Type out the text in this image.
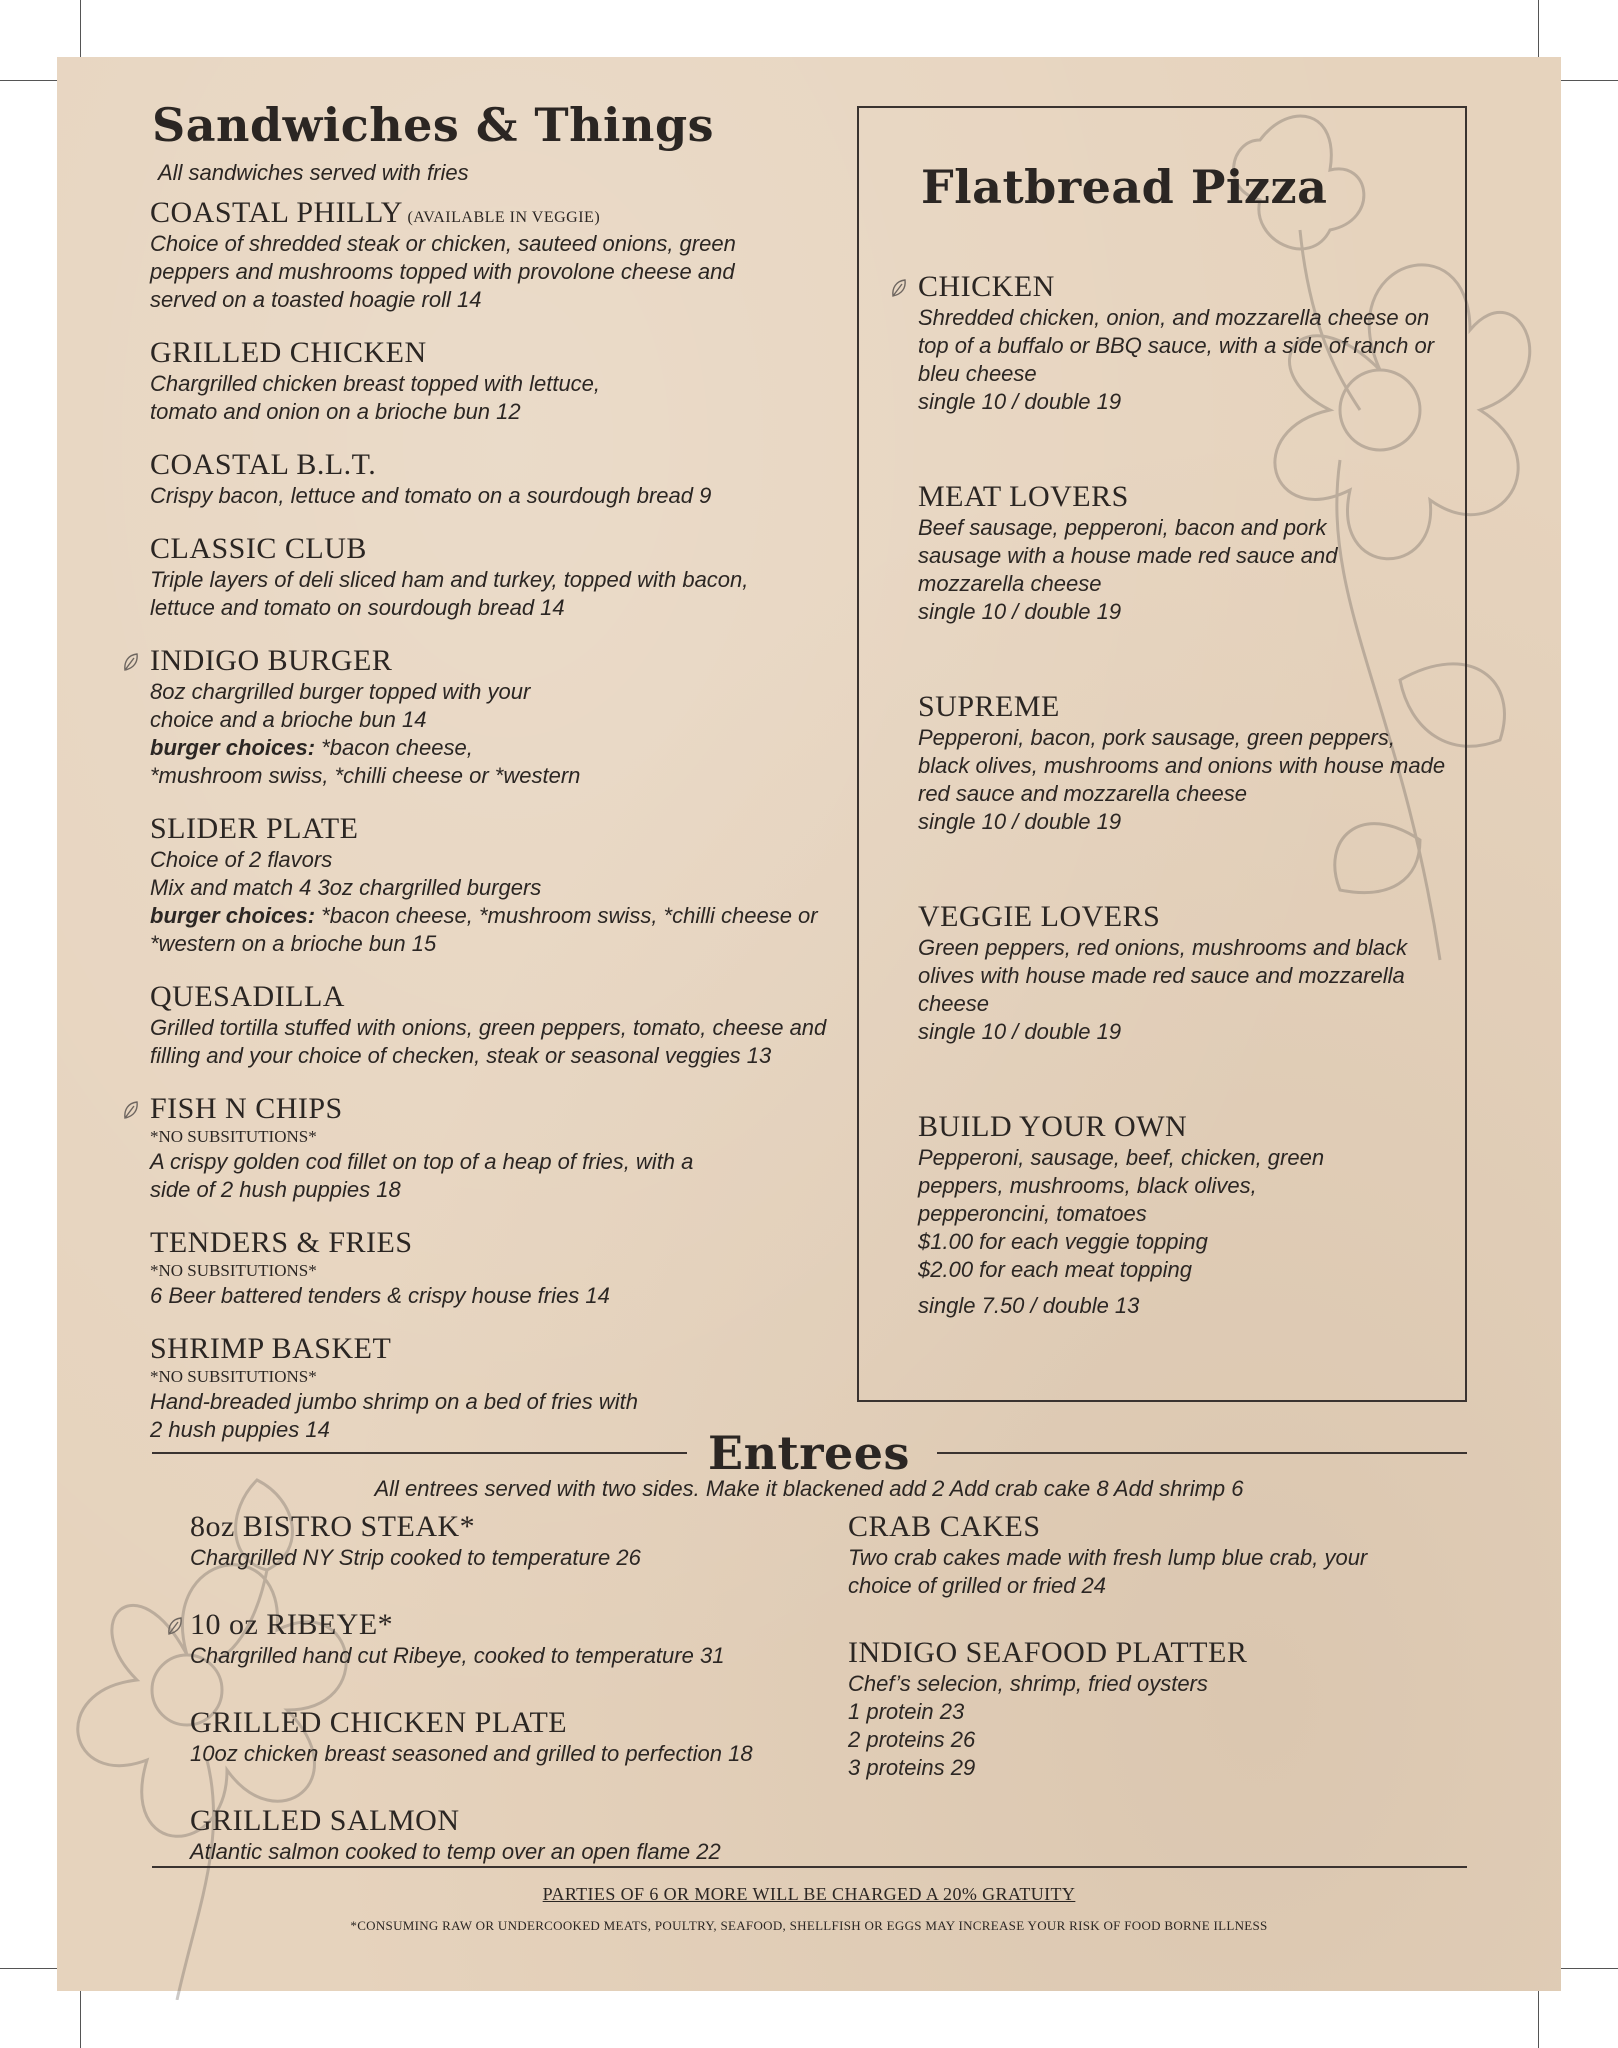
Sandwiches & Things
All sandwiches served with fries
COASTAL PHILLY (AVAILABLE IN VEGGIE)
Choice of shredded steak or chicken, sauteed onions, green peppers and mushrooms topped with provolone cheese and served on a toasted hoagie roll 14
GRILLED CHICKEN
Chargrilled chicken breast topped with lettuce, tomato and onion on a brioche bun 12
COASTAL B.L.T.
Crispy bacon, lettuce and tomato on a sourdough bread 9
CLASSIC CLUB
Triple layers of deli sliced ham and turkey, topped with bacon, lettuce and tomato on sourdough bread 14
INDIGO BURGER
8oz chargrilled burger topped with your choice and a brioche bun 14
burger choices: *bacon cheese, *mushroom swiss, *chilli cheese or *western
SLIDER PLATE
Choice of 2 flavors
Mix and match 4 3oz chargrilled burgers
burger choices: *bacon cheese, *mushroom swiss, *chilli cheese or *western on a brioche bun 15
QUESADILLA
Grilled tortilla stuffed with onions, green peppers, tomato, cheese and filling and your choice of checken, steak or seasonal veggies 13
FISH N CHIPS
*NO SUBSITUTIONS*
A crispy golden cod fillet on top of a heap of fries, with a side of 2 hush puppies 18
TENDERS & FRIES
*NO SUBSITUTIONS*
6 Beer battered tenders & crispy house fries 14
SHRIMP BASKET
*NO SUBSITUTIONS*
Hand-breaded jumbo shrimp on a bed of fries with 2 hush puppies 14
Flatbread Pizza
CHICKEN
Shredded chicken, onion, and mozzarella cheese on top of a buffalo or BBQ sauce, with a side of ranch or bleu cheese
single 10 / double 19
MEAT LOVERS
Beef sausage, pepperoni, bacon and pork sausage with a house made red sauce and mozzarella cheese
single 10 / double 19
SUPREME
Pepperoni, bacon, pork sausage, green peppers, black olives, mushrooms and onions with house made red sauce and mozzarella cheese
single 10 / double 19
VEGGIE LOVERS
Green peppers, red onions, mushrooms and black olives with house made red sauce and mozzarella cheese
single 10 / double 19
BUILD YOUR OWN
Pepperoni, sausage, beef, chicken, green peppers, mushrooms, black olives, pepperoncini, tomatoes
$1.00 for each veggie topping
$2.00 for each meat topping
single 7.50 / double 13
Entrees
All entrees served with two sides. Make it blackened add 2 Add crab cake 8 Add shrimp 6
8oz BISTRO STEAK*
Chargrilled NY Strip cooked to temperature 26
10 oz RIBEYE*
Chargrilled hand cut Ribeye, cooked to temperature 31
GRILLED CHICKEN PLATE
10oz chicken breast seasoned and grilled to perfection 18
GRILLED SALMON
Atlantic salmon cooked to temp over an open flame 22
CRAB CAKES
Two crab cakes made with fresh lump blue crab, your choice of grilled or fried 24
INDIGO SEAFOOD PLATTER
Chef’s selecion, shrimp, fried oysters
1 protein 23
2 proteins 26
3 proteins 29
PARTIES OF 6 OR MORE WILL BE CHARGED A 20% GRATUITY
*CONSUMING RAW OR UNDERCOOKED MEATS, POULTRY, SEAFOOD, SHELLFISH OR EGGS MAY INCREASE YOUR RISK OF FOOD BORNE ILLNESS
